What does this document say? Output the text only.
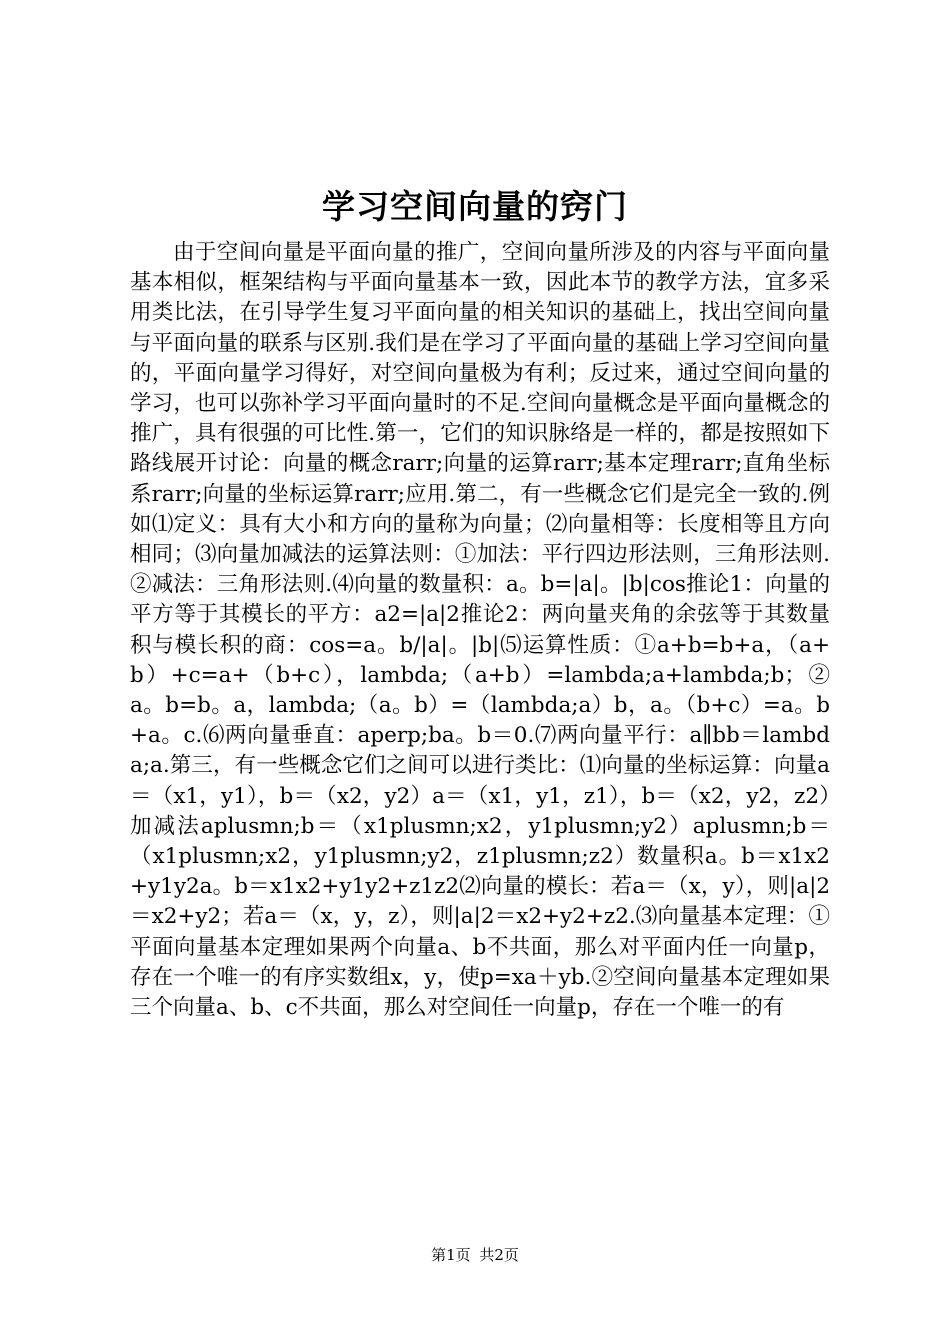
学习空间向量的窍门

由于空间向量是平面向量的推广，空间向量所涉及的内容与平面向量基本相似，框架结构与平面向量基本一致，因此本节的教学方法，宜多采用类比法，在引导学生复习平面向量的相关知识的基础上，找出空间向量与平面向量的联系与区别.我们是在学习了平面向量的基础上学习空间向量的，平面向量学习得好，对空间向量极为有利；反过来，通过空间向量的学习，也可以弥补学习平面向量时的不足.空间向量概念是平面向量概念的推广，具有很强的可比性.第一，它们的知识脉络是一样的，都是按照如下路线展开讨论：向量的概念rarr;向量的运算rarr;基本定理rarr;直角坐标系rarr;向量的坐标运算rarr;应用.第二，有一些概念它们是完全一致的.例如⑴定义：具有大小和方向的量称为向量；⑵向量相等：长度相等且方向相同；⑶向量加减法的运算法则：①加法：平行四边形法则，三角形法则.②减法：三角形法则.⑷向量的数量积：a。b=|a|。|b|cos推论1：向量的平方等于其模长的平方：a2=|a|2推论2：两向量夹角的余弦等于其数量积与模长积的商：cos=a。b/|a|。|b|⑸运算性质：①a+b=b+a，（a+b）+c=a+（b+c），lambda;（a+b）=lambda;a+lambda;b；②a。b=b。a，lambda;（a。b）=（lambda;a）b，a。（b+c）=a。b+a。c.⑹两向量垂直：aperp;ba。b＝0.⑺两向量平行：a∥bb＝lambda;a.第三，有一些概念它们之间可以进行类比：⑴向量的坐标运算：向量a＝（x1，y1），b＝（x2，y2）a＝（x1，y1，z1），b＝（x2，y2，z2）加减法aplusmn;b＝（x1plusmn;x2，y1plusmn;y2）aplusmn;b＝（x1plusmn;x2，y1plusmn;y2，z1plusmn;z2）数量积a。b＝x1x2+y1y2a。b＝x1x2+y1y2+z1z2⑵向量的模长：若a＝（x，y），则|a|2＝x2+y2；若a＝（x，y，z），则|a|2＝x2+y2+z2.⑶向量基本定理：①平面向量基本定理如果两个向量a、b不共面，那么对平面内任一向量p，存在一个唯一的有序实数组x，y，使p=xa＋yb.②空间向量基本定理如果三个向量a、b、c不共面，那么对空间任一向量p，存在一个唯一的有

第1页 共2页
